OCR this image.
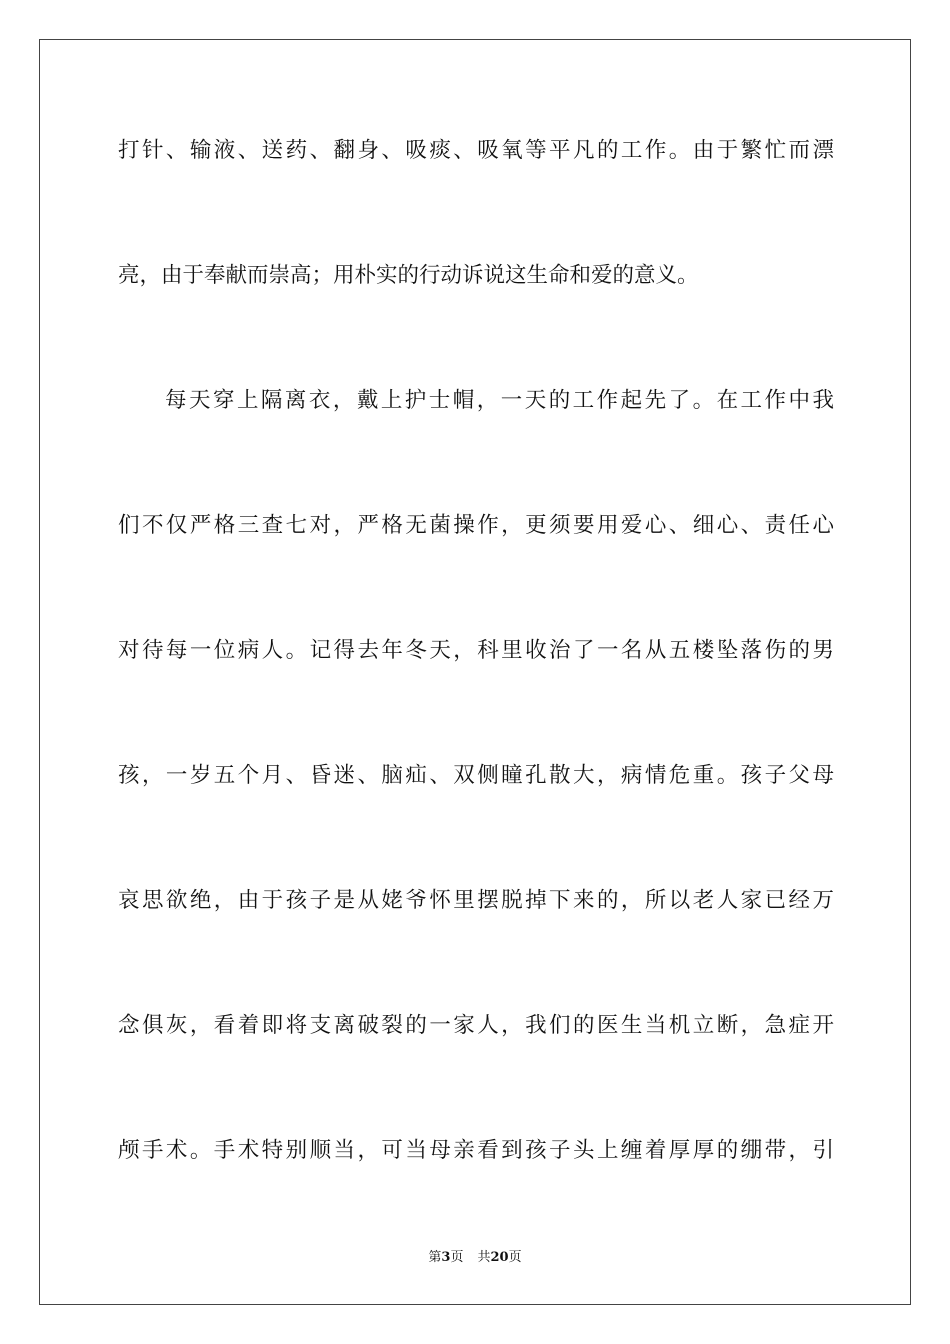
打针、输液、送药、翻身、吸痰、吸氧等平凡的工作。由于繁忙而漂
亮，由于奉献而崇高；用朴实的行动诉说这生命和爱的意义。
每天穿上隔离衣，戴上护士帽，一天的工作起先了。在工作中我
们不仅严格三查七对，严格无菌操作，更须要用爱心、细心、责任心
对待每一位病人。记得去年冬天，科里收治了一名从五楼坠落伤的男
孩，一岁五个月、昏迷、脑疝、双侧瞳孔散大，病情危重。孩子父母
哀思欲绝，由于孩子是从姥爷怀里摆脱掉下来的，所以老人家已经万
念俱灰，看着即将支离破裂的一家人，我们的医生当机立断，急症开
颅手术。手术特别顺当，可当母亲看到孩子头上缠着厚厚的绷带，引
第3页 共20页
